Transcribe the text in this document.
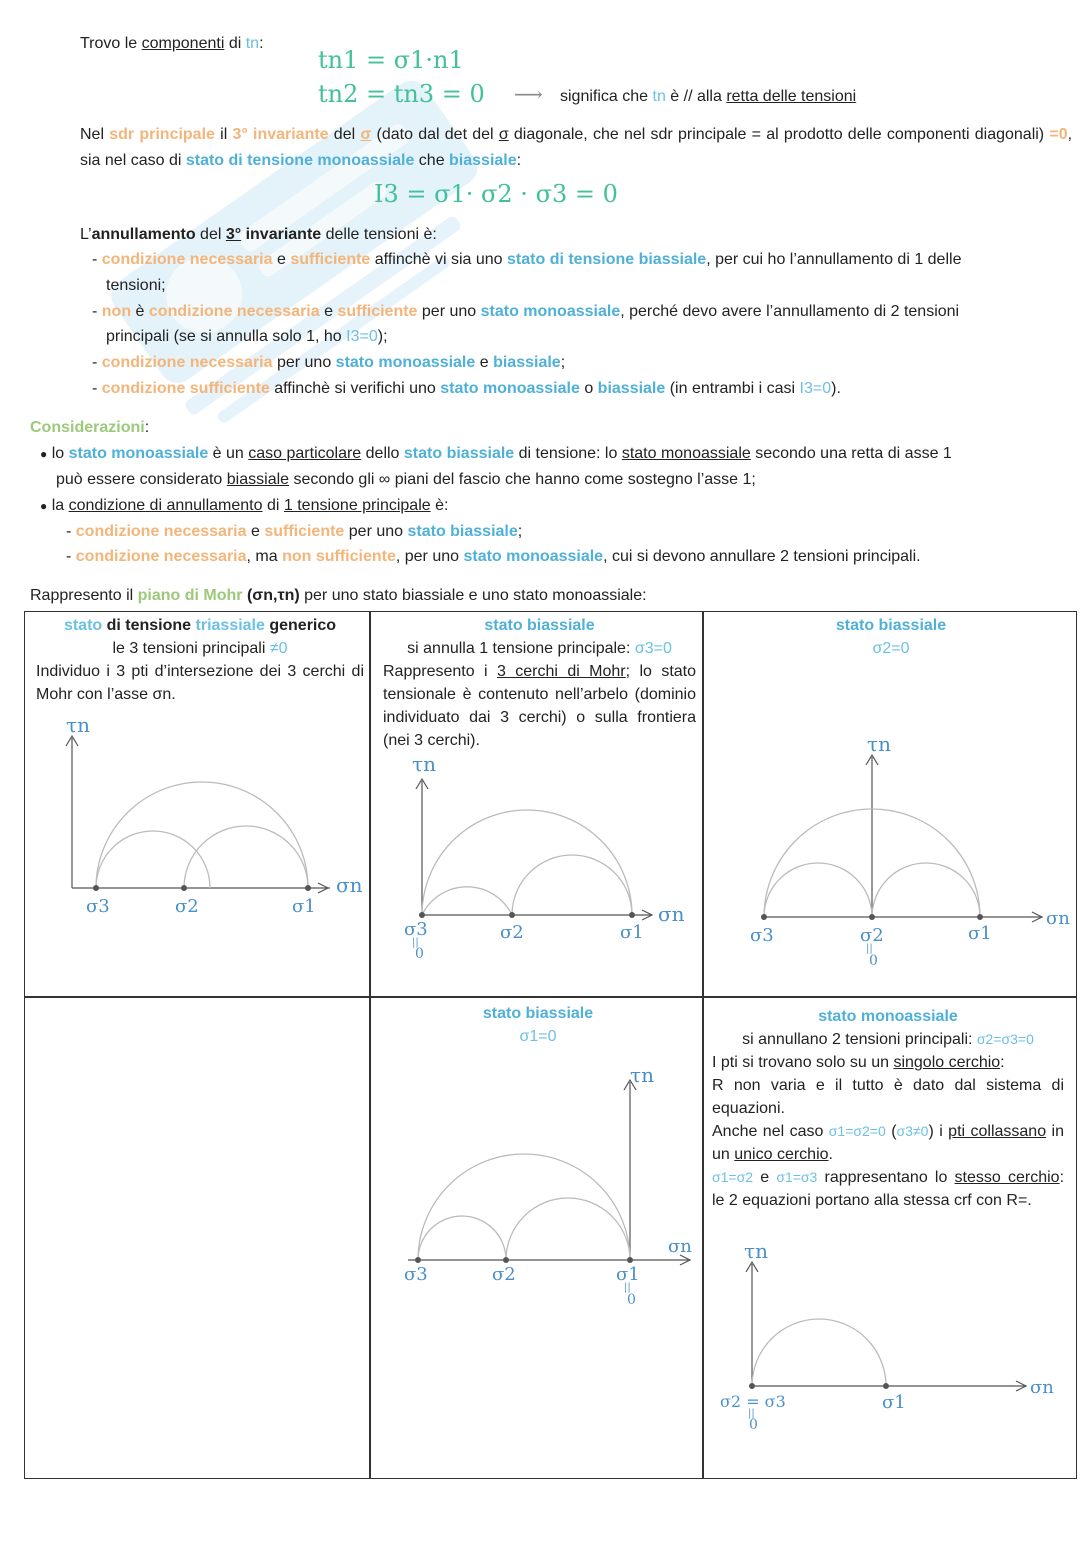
Trovo le componenti di tn:
tn1 = σ1·n1
tn2 = tn3 = 0 ⟶ significa che tn è // alla retta delle tensioni
Nel sdr principale il 3° invariante del σ (dato dal det del σ diagonale, che nel sdr principale = al prodotto delle componenti diagonali) =0, sia nel caso di stato di tensione monoassiale che biassiale:
I3 = σ1· σ2 · σ3 = 0
L’annullamento del 3° invariante delle tensioni è:
- condizione necessaria e sufficiente affinchè vi sia uno stato di tensione biassiale, per cui ho l’annullamento di 1 delle
tensioni;
- non è condizione necessaria e sufficiente per uno stato monoassiale, perché devo avere l’annullamento di 2 tensioni
principali (se si annulla solo 1, ho I3=0);
- condizione necessaria per uno stato monoassiale e biassiale;
- condizione sufficiente affinchè si verifichi uno stato monoassiale o biassiale (in entrambi i casi I3=0).
Considerazioni:
● lo stato monoassiale è un caso particolare dello stato biassiale di tensione: lo stato monoassiale secondo una retta di asse 1
può essere considerato biassiale secondo gli ∞ piani del fascio che hanno come sostegno l’asse 1;
● la condizione di annullamento di 1 tensione principale è:
- condizione necessaria e sufficiente per uno stato biassiale;
- condizione necessaria, ma non sufficiente, per uno stato monoassiale, cui si devono annullare 2 tensioni principali.
Rappresento il piano di Mohr (σn,τn) per uno stato biassiale e uno stato monoassiale:
stato di tensione triassiale generico
le 3 tensioni principali ≠0
Individuo i 3 pti d’intersezione dei 3 cerchi di Mohr con l’asse σn.
stato biassiale
si annulla 1 tensione principale: σ3=0
Rappresento i 3 cerchi di Mohr; lo stato tensionale è contenuto nell’arbelo (dominio individuato dai 3 cerchi) o sulla frontiera (nei 3 cerchi).
stato biassiale
σ2=0
stato biassiale
σ1=0
stato monoassiale
si annullano 2 tensioni principali: σ2=σ3=0
I pti si trovano solo su un singolo cerchio:
R non varia e il tutto è dato dal sistema di equazioni.
Anche nel caso σ1=σ2=0 (σ3≠0) i pti collassano in un unico cerchio.
σ1=σ2 e σ1=σ3 rappresentano lo stesso cerchio: le 2 equazioni portano alla stessa crf con R=.
τn
σn
σ3	σ2	σ1
τn
σn
σ3
||
0
σ2	σ1
τn
σn
σ3	σ2
||
0
σ1
τn
σn
σ3	σ2	σ1
||
0
τn
σn
σ2 = σ3
||
0
σ1
